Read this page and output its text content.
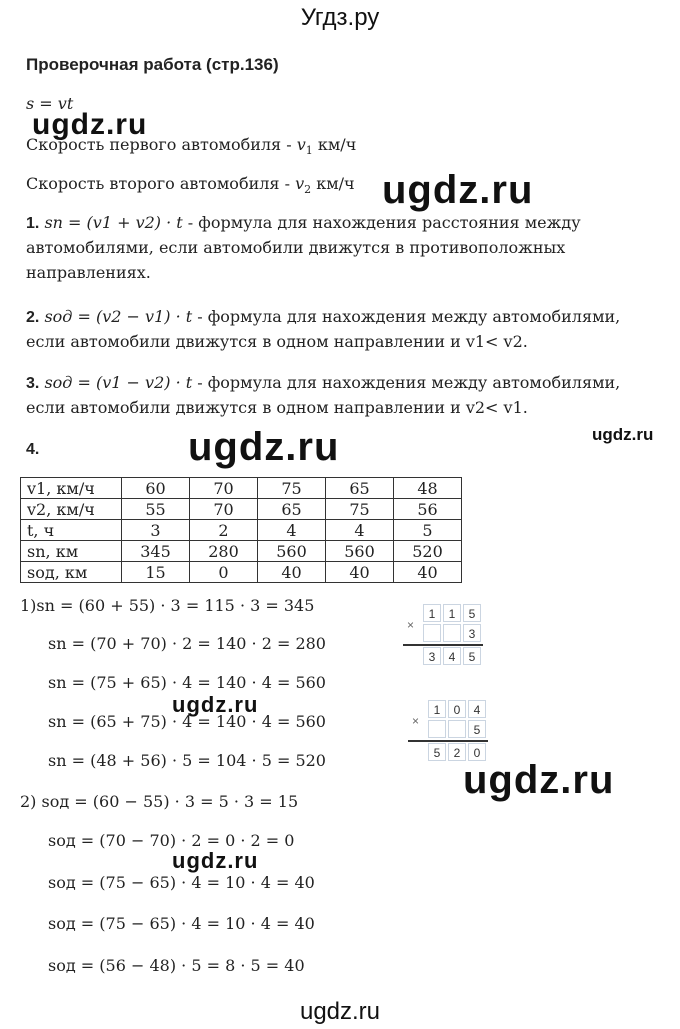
Угдз.ру
ugdz.ru
ugdz.ru
ugdz.ru	ugdz.ru
ugdz.ru
ugdz.ru
ugdz.ru
Проверочная работа (стр.136)
s = vt
Скорость первого автомобиля - $v_1$ км/ч
Скорость второго автомобиля - $v_2$ км/ч
1. sn = (v1 + v2) · t - формула для нахождения расстояния между
автомобилями, если автомобили движутся в противоположных
направлениях.
2. sод = (v2 − v1) · t - формула для нахождения между автомобилями,
если автомобили движутся в одном направлении и v1< v2.
3. sод = (v1 − v2) · t - формула для нахождения между автомобилями,
если автомобили движутся в одном направлении и v2< v1.
4.
v1, км/ч	60	70	75	65	48
v2, км/ч	55	70	65	75	56
t, ч	3	2	4	4	5
sn, км	345	280	560	560	520
sод, км	15	0	40	40	40
1)sn = (60 + 55) · 3 = 115 · 3 = 345
sn = (70 + 70) · 2 = 140 · 2 = 280
sn = (75 + 65) · 4 = 140 · 4 = 560
sn = (65 + 75) · 4 = 140 · 4 = 560
sn = (48 + 56) · 5 = 104 · 5 = 520
2) sод = (60 − 55) · 3 = 5 · 3 = 15
sод = (70 − 70) · 2 = 0 · 2 = 0
sод = (75 − 65) · 4 = 10 · 4 = 40
sод = (75 − 65) · 4 = 10 · 4 = 40
sод = (56 − 48) · 5 = 8 · 5 = 40
×
1	1	5
3
3	4	5
×
1	0	4
5
5	2	0
ugdz.ru
